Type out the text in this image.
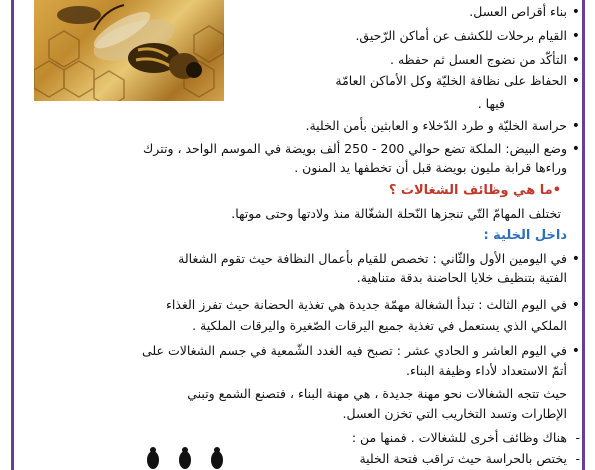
• بناء أقراص العسل.
• القيام برحلات للكشف عن أماكن الرّحيق.
• التأكّد من نضوج العسل ثم حفظه .
• الحفاظ على نظافة الخليّة وكل الأماكن العامّة
فيها .
• حراسة الخليّة و طرد الدّخلاء و العابثين بأمن الخلية.
• وضع البيض: الملكة تضع حوالي 200 - 250 ألف بويضة في الموسم الواحد ، وتترك
وراءها قرابة مليون بويضة قبل أن تخطفها يد المنون .
•ما هي وظائف الشغالات ؟
تختلف المهامّ التّي تنجزها النّحلة الشغّالة منذ ولادتها وحتى موتها.
داخل الخلية :
• في اليومين الأول والثّاني : تخصص للقيام بأعمال النظافة حيث تقوم الشغالة
الفتية بتنظيف خلايا الحاضنة بدقة متناهية.
• في اليوم الثالث : تبدأ الشغالة مهمّة جديدة هي تغذية الحضانة حيث تفرز الغذاء
الملكي الذي يستعمل في تغذية جميع اليرقات الصّغيرة واليرقات الملكية .
• في اليوم العاشر و الحادي عشر : تصبح فيه الغدد الشّمعية في جسم الشغالات على
أتمّ الاستعداد لأداء وظيفة البناء.
حيث تتجه الشغالات نحو مهنة جديدة ، هي مهنة البناء ، فتصنع الشمع وتبني
الإطارات وتسد التخاريب التي تخزن العسل.
- هناك وظائف أخرى للشغالات . فمنها من :
- يختص بالحراسة حيث تراقب فتحة الخلية
